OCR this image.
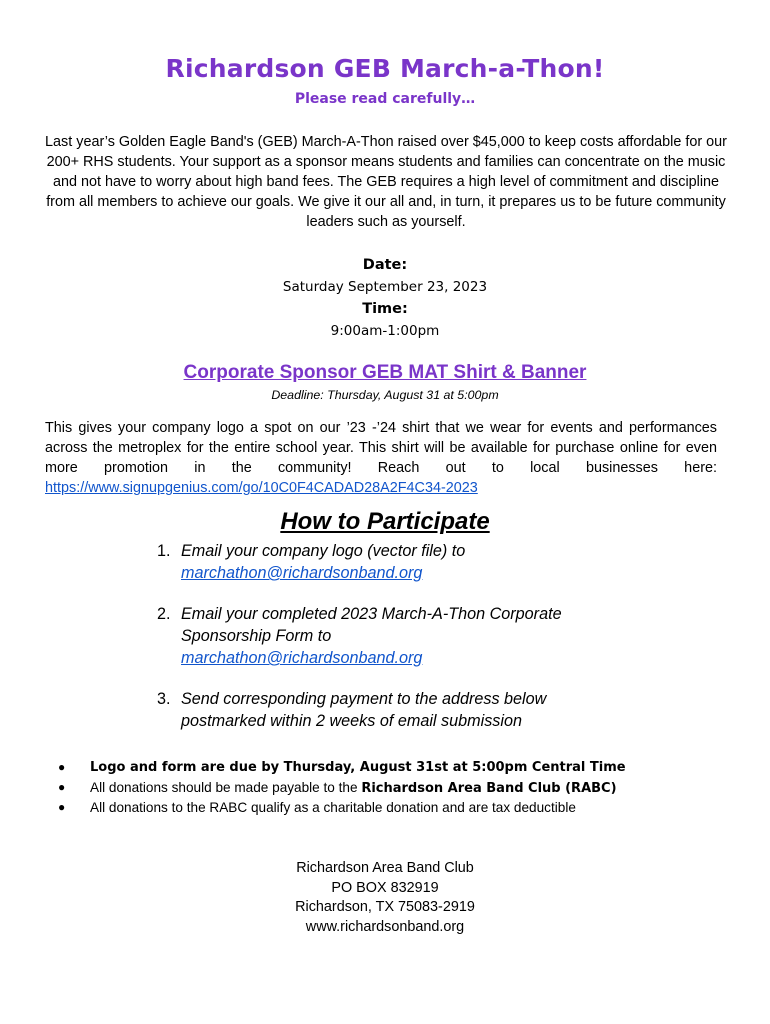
Richardson GEB March-a-Thon!
Please read carefully…

Last year’s Golden Eagle Band's (GEB) March-A-Thon raised over $45,000 to keep costs affordable for our 200+ RHS students. Your support as a sponsor means students and families can concentrate on the music and not have to worry about high band fees. The GEB requires a high level of commitment and discipline from all members to achieve our goals. We give it our all and, in turn, it prepares us to be future community leaders such as yourself.

Date:
Saturday September 23, 2023
Time:
9:00am-1:00pm
Corporate Sponsor GEB MAT Shirt & Banner
Deadline: Thursday, August 31 at 5:00pm
This gives your company logo a spot on our ’23 -’24 shirt that we wear for events and performances across the metroplex for the entire school year. This shirt will be available for purchase online for even more promotion in the community! Reach out to local businesses here: https://www.signupgenius.com/go/10C0F4CADAD28A2F4C34-2023
How to Participate
1. Email your company logo (vector file) to
marchathon@richardsonband.org
2. Email your completed 2023 March-A-Thon Corporate Sponsorship Form to
marchathon@richardsonband.org
3. Send corresponding payment to the address below postmarked within 2 weeks of email submission
●	Logo and form are due by Thursday, August 31st at 5:00pm Central Time
●	All donations should be made payable to the Richardson Area Band Club (RABC)
●	All donations to the RABC qualify as a charitable donation and are tax deductible
Richardson Area Band Club
PO BOX 832919
Richardson, TX 75083-2919
www.richardsonband.org
